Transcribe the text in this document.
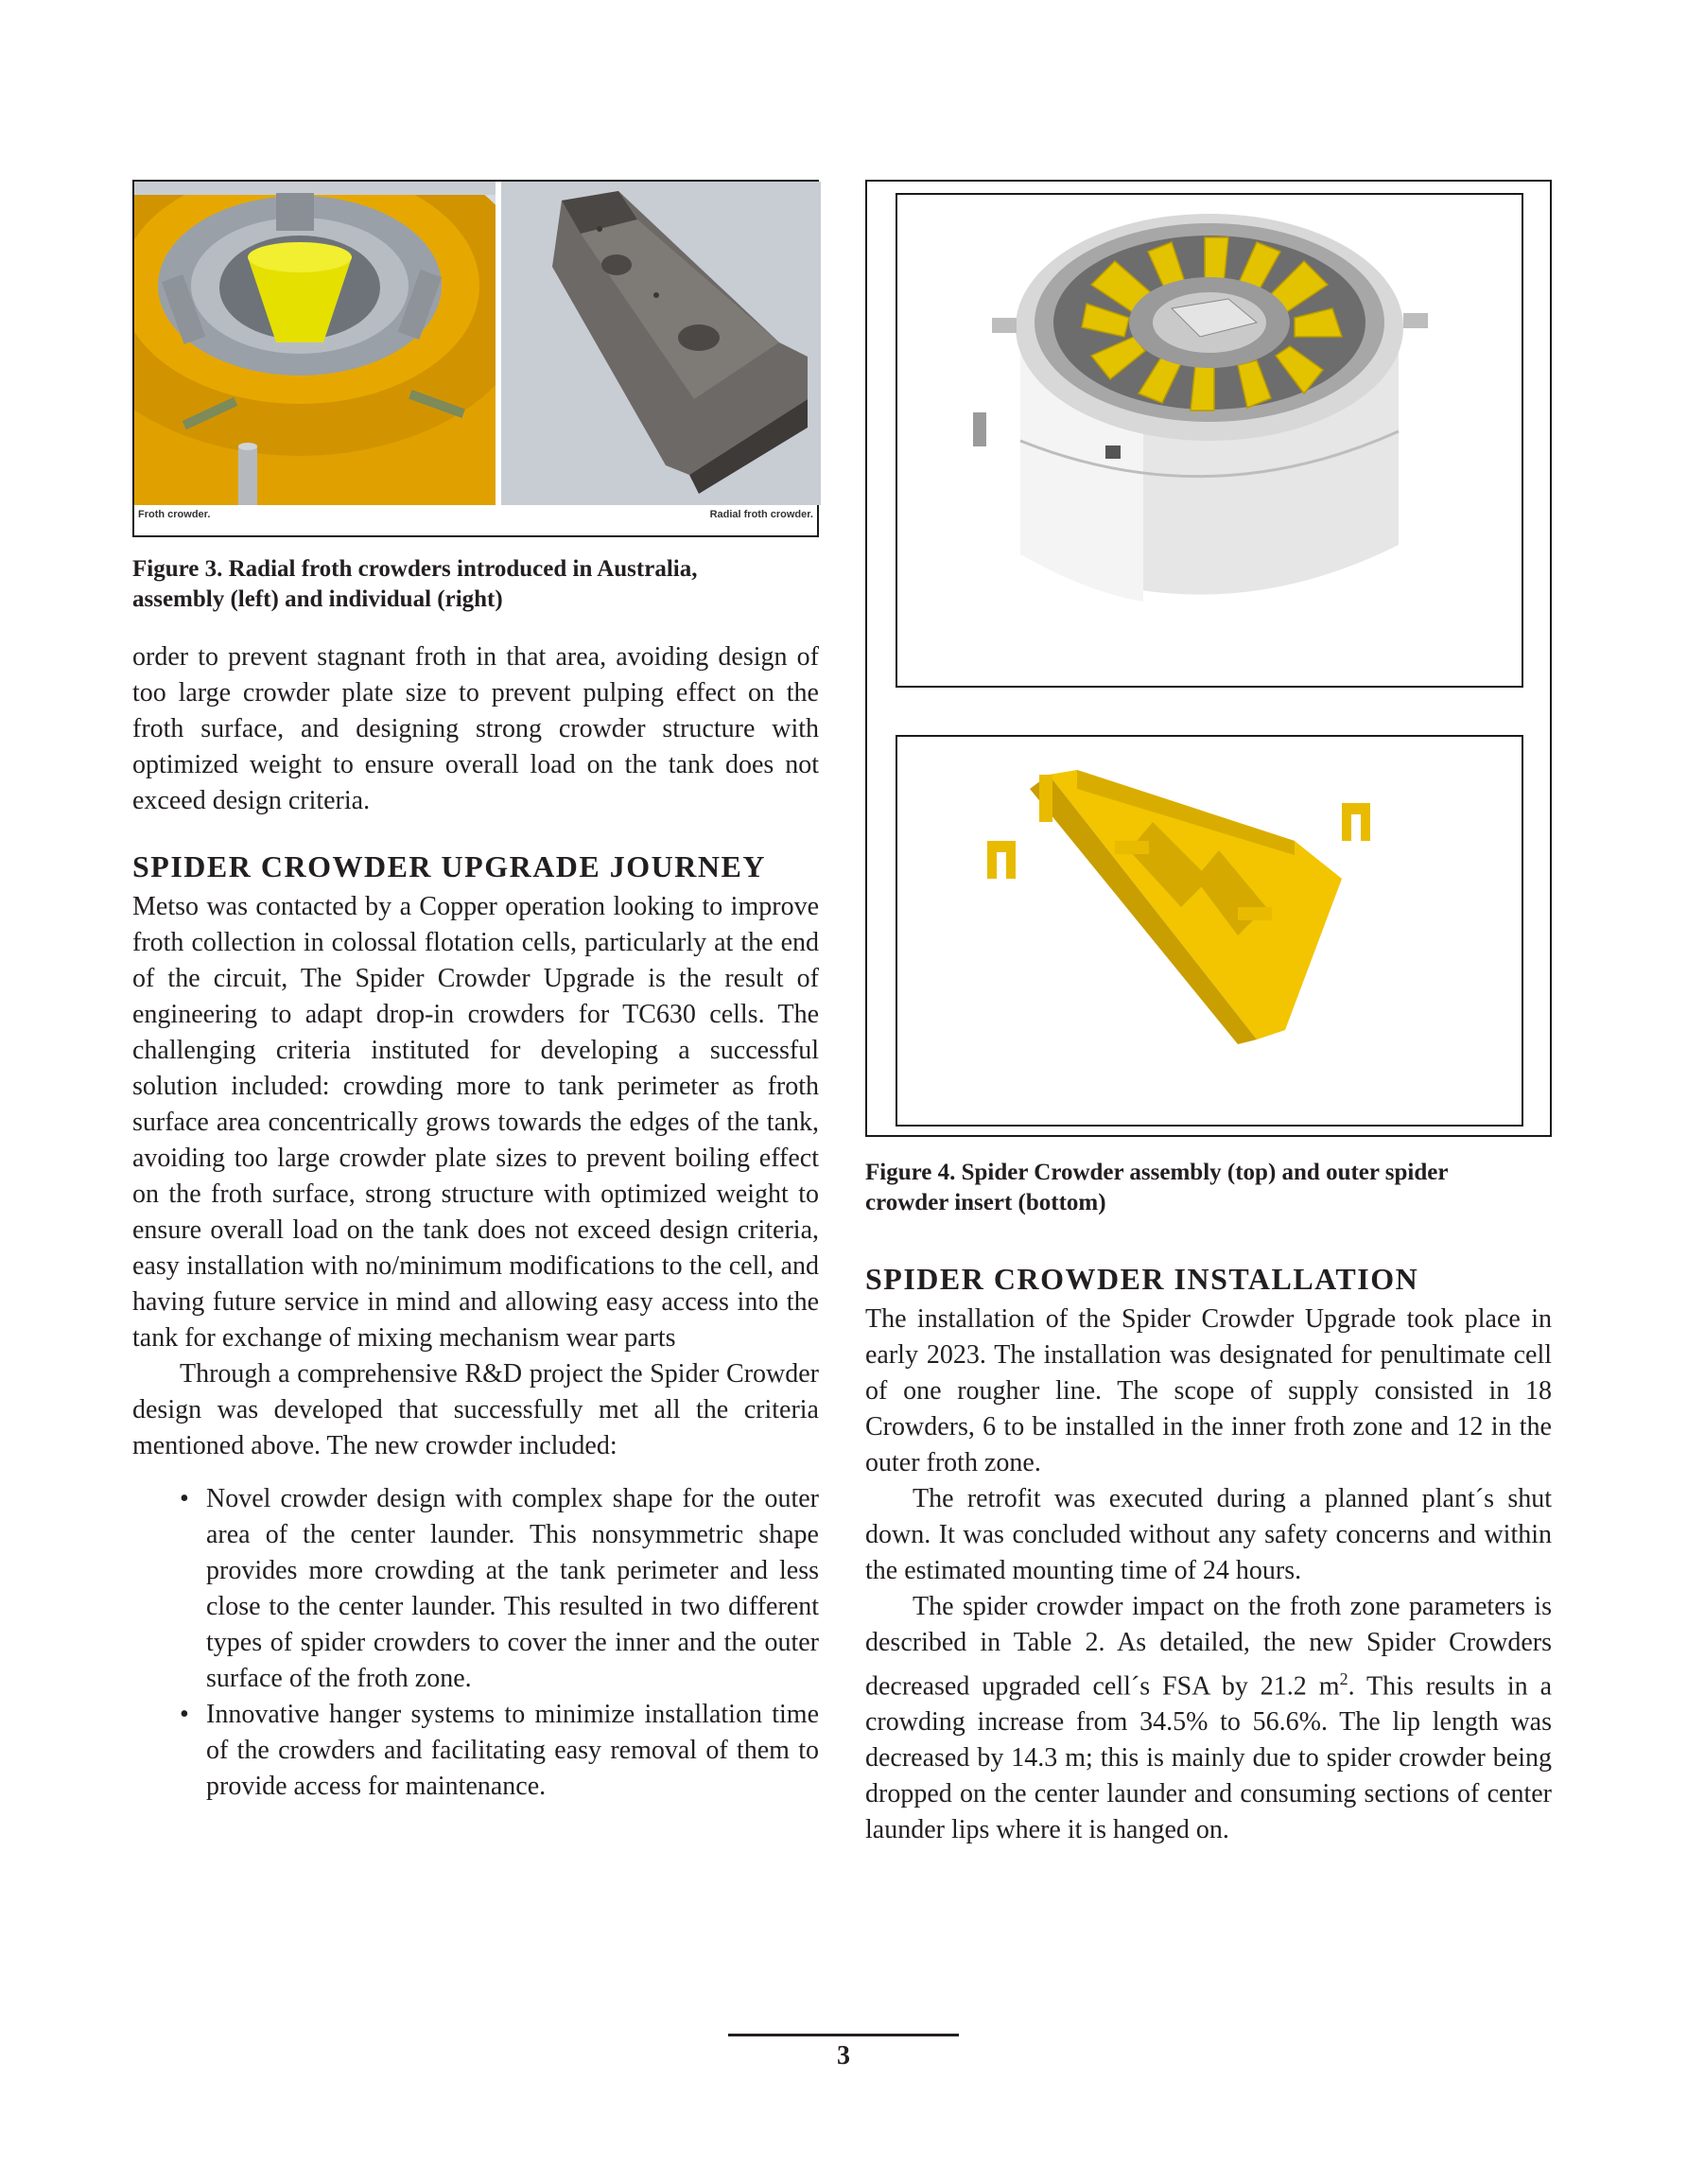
Froth crowder.	Radial froth crowder.
Figure 3. Radial froth crowders introduced in Australia,
assembly (left) and individual (right)

order to prevent stagnant froth in that area, avoiding design of too large crowder plate size to prevent pulping effect on the froth surface, and designing strong crowder structure with optimized weight to ensure overall load on the tank does not exceed design criteria.

SPIDER CROWDER UPGRADE JOURNEY

Metso was contacted by a Copper operation looking to improve froth collection in colossal flotation cells, particularly at the end of the circuit, The Spider Crowder Upgrade is the result of engineering to adapt drop-in crowders for TC630 cells. The challenging criteria instituted for developing a successful solution included: crowding more to tank perimeter as froth surface area concentrically grows towards the edges of the tank, avoiding too large crowder plate sizes to prevent boiling effect on the froth surface, strong structure with optimized weight to ensure overall load on the tank does not exceed design criteria, easy installation with no/minimum modifications to the cell, and having future service in mind and allowing easy access into the tank for exchange of mixing mechanism wear parts

Through a comprehensive R&D project the Spider Crowder design was developed that successfully met all the criteria mentioned above. The new crowder included:

• Novel crowder design with complex shape for the outer area of the center launder. This nonsymmetric shape provides more crowding at the tank perimeter and less close to the center launder. This resulted in two different types of spider crowders to cover the inner and the outer surface of the froth zone.
• Innovative hanger systems to minimize installation time of the crowders and facilitating easy removal of them to provide access for maintenance.
Figure 4. Spider Crowder assembly (top) and outer spider
crowder insert (bottom)
SPIDER CROWDER INSTALLATION

The installation of the Spider Crowder Upgrade took place in early 2023. The installation was designated for penultimate cell of one rougher line. The scope of supply consisted in 18 Crowders, 6 to be installed in the inner froth zone and 12 in the outer froth zone.

The retrofit was executed during a planned plant´s shut down. It was concluded without any safety concerns and within the estimated mounting time of 24 hours.

The spider crowder impact on the froth zone parameters is described in Table 2. As detailed, the new Spider Crowders decreased upgraded cell´s FSA by 21.2 $m^2$. This results in a crowding increase from 34.5% to 56.6%. The lip length was decreased by 14.3 m; this is mainly due to spider crowder being dropped on the center launder and consuming sections of center launder lips where it is hanged on.

3
